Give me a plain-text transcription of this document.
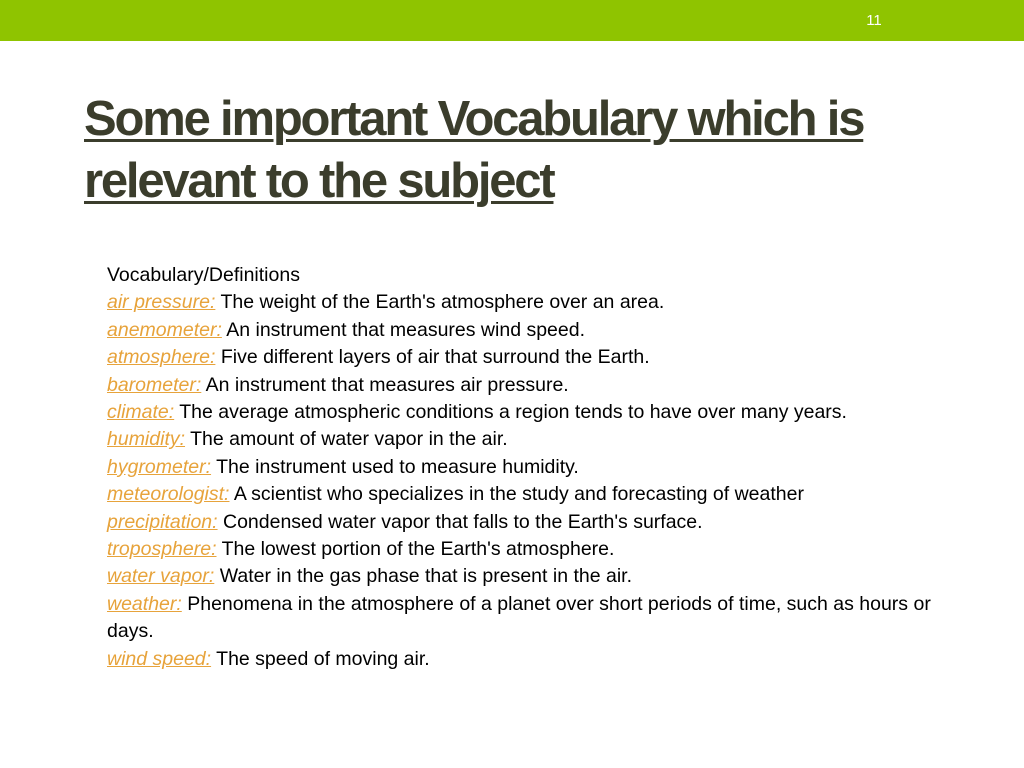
11
Some important Vocabulary which is
relevant to the subject
Vocabulary/Definitions
air pressure: The weight of the Earth's atmosphere over an area.
anemometer: An instrument that measures wind speed.
atmosphere: Five different layers of air that surround the Earth.
barometer: An instrument that measures air pressure.
climate: The average atmospheric conditions a region tends to have over many years.
humidity: The amount of water vapor in the air.
hygrometer: The instrument used to measure humidity.
meteorologist: A scientist who specializes in the study and forecasting of weather
precipitation: Condensed water vapor that falls to the Earth's surface.
troposphere: The lowest portion of the Earth's atmosphere.
water vapor: Water in the gas phase that is present in the air.
weather: Phenomena in the atmosphere of a planet over short periods of time, such as hours or days.
wind speed: The speed of moving air.
